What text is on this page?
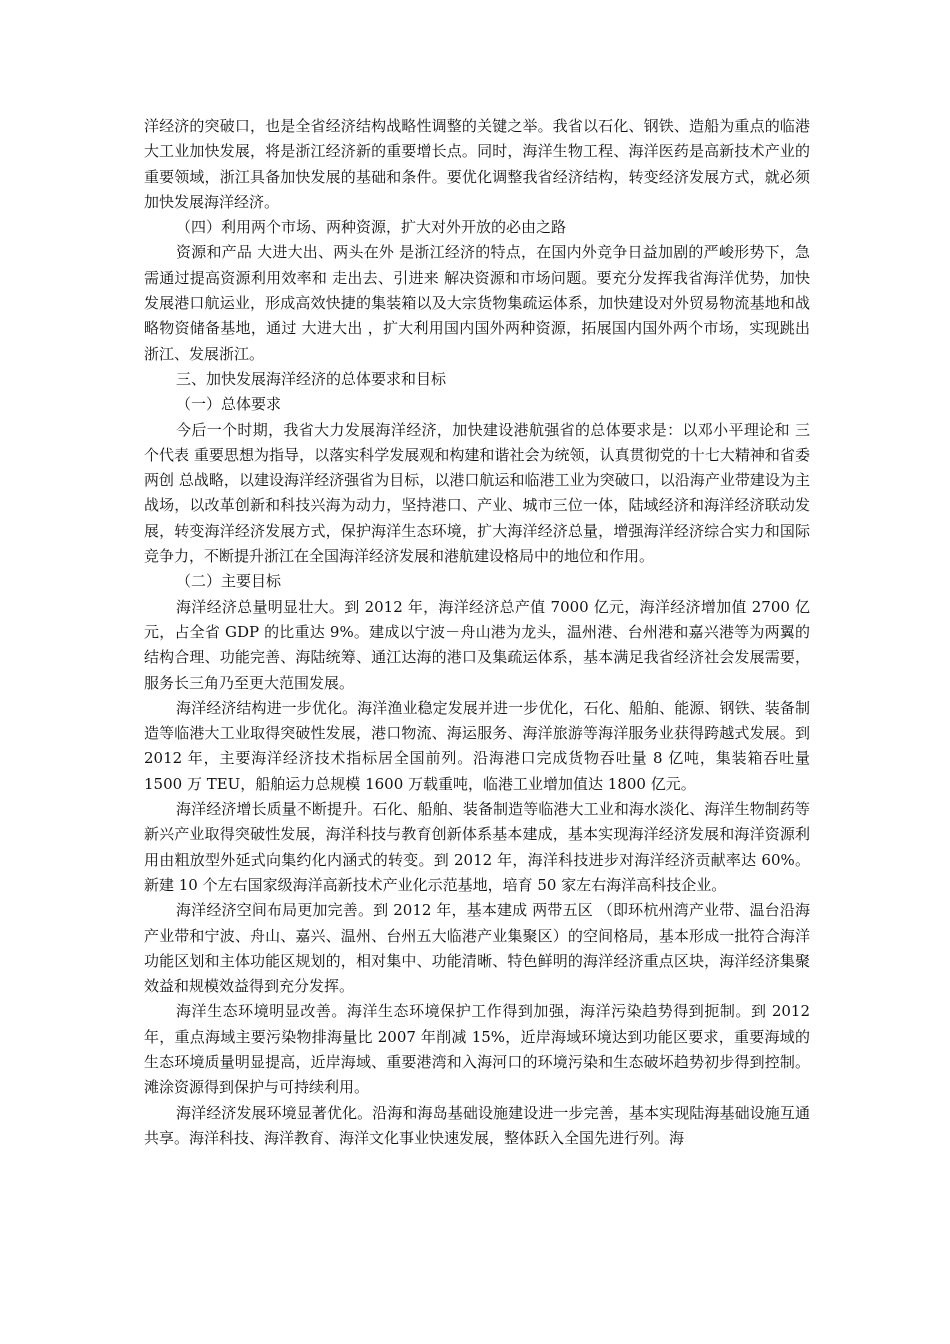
洋经济的突破口，也是全省经济结构战略性调整的关键之举。我省以石化、钢铁、造船为重点的临港大工业加快发展，将是浙江经济新的重要增长点。同时，海洋生物工程、海洋医药是高新技术产业的重要领域，浙江具备加快发展的基础和条件。要优化调整我省经济结构，转变经济发展方式，就必须加快发展海洋经济。

（四）利用两个市场、两种资源，扩大对外开放的必由之路

资源和产品 大进大出、两头在外 是浙江经济的特点，在国内外竞争日益加剧的严峻形势下，急需通过提高资源利用效率和 走出去、引进来 解决资源和市场问题。要充分发挥我省海洋优势，加快发展港口航运业，形成高效快捷的集装箱以及大宗货物集疏运体系，加快建设对外贸易物流基地和战略物资储备基地，通过 大进大出 ，扩大利用国内国外两种资源，拓展国内国外两个市场，实现跳出浙江、发展浙江。

三、加快发展海洋经济的总体要求和目标

（一）总体要求

今后一个时期，我省大力发展海洋经济，加快建设港航强省的总体要求是：以邓小平理论和 三个代表 重要思想为指导，以落实科学发展观和构建和谐社会为统领，认真贯彻党的十七大精神和省委 两创 总战略，以建设海洋经济强省为目标，以港口航运和临港工业为突破口，以沿海产业带建设为主战场，以改革创新和科技兴海为动力，坚持港口、产业、城市三位一体，陆域经济和海洋经济联动发展，转变海洋经济发展方式，保护海洋生态环境，扩大海洋经济总量，增强海洋经济综合实力和国际竞争力，不断提升浙江在全国海洋经济发展和港航建设格局中的地位和作用。

（二）主要目标

海洋经济总量明显壮大。到 2012 年，海洋经济总产值 7000 亿元，海洋经济增加值 2700 亿元，占全省 GDP 的比重达 9%。建成以宁波－舟山港为龙头，温州港、台州港和嘉兴港等为两翼的结构合理、功能完善、海陆统筹、通江达海的港口及集疏运体系，基本满足我省经济社会发展需要，服务长三角乃至更大范围发展。

海洋经济结构进一步优化。海洋渔业稳定发展并进一步优化，石化、船舶、能源、钢铁、装备制造等临港大工业取得突破性发展，港口物流、海运服务、海洋旅游等海洋服务业获得跨越式发展。到 2012 年，主要海洋经济技术指标居全国前列。沿海港口完成货物吞吐量 8 亿吨，集装箱吞吐量 1500 万 TEU，船舶运力总规模 1600 万载重吨，临港工业增加值达 1800 亿元。

海洋经济增长质量不断提升。石化、船舶、装备制造等临港大工业和海水淡化、海洋生物制药等新兴产业取得突破性发展，海洋科技与教育创新体系基本建成，基本实现海洋经济发展和海洋资源利用由粗放型外延式向集约化内涵式的转变。到 2012 年，海洋科技进步对海洋经济贡献率达 60%。新建 10 个左右国家级海洋高新技术产业化示范基地，培育 50 家左右海洋高科技企业。

海洋经济空间布局更加完善。到 2012 年，基本建成 两带五区 （即环杭州湾产业带、温台沿海产业带和宁波、舟山、嘉兴、温州、台州五大临港产业集聚区）的空间格局，基本形成一批符合海洋功能区划和主体功能区规划的，相对集中、功能清晰、特色鲜明的海洋经济重点区块，海洋经济集聚效益和规模效益得到充分发挥。

海洋生态环境明显改善。海洋生态环境保护工作得到加强，海洋污染趋势得到扼制。到 2012 年，重点海域主要污染物排海量比 2007 年削减 15%，近岸海域环境达到功能区要求，重要海域的生态环境质量明显提高，近岸海域、重要港湾和入海河口的环境污染和生态破坏趋势初步得到控制。滩涂资源得到保护与可持续利用。

海洋经济发展环境显著优化。沿海和海岛基础设施建设进一步完善，基本实现陆海基础设施互通共享。海洋科技、海洋教育、海洋文化事业快速发展，整体跃入全国先进行列。海
